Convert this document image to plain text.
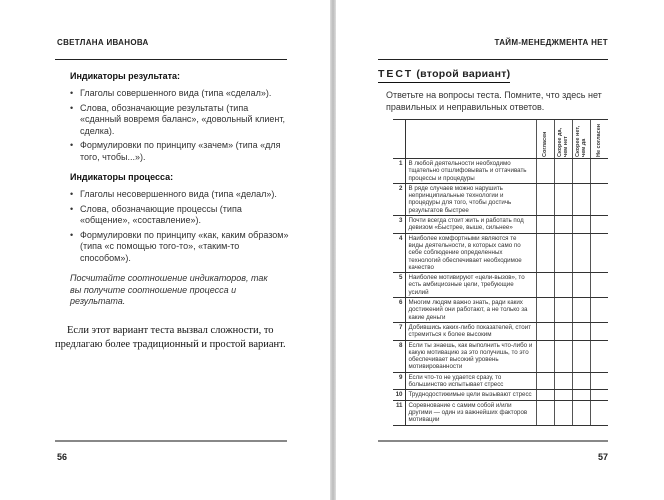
СВЕТЛАНА ИВАНОВА
Индикаторы результата:
• Глаголы совершенного вида (типа «сделал»).
• Слова, обозначающие результаты (типа «сданный вовремя баланс», «довольный клиент, сделка).
• Формулировки по принципу «зачем» (типа «для того, чтобы...»).
Индикаторы процесса:
• Глаголы несовершенного вида (типа «делал»).
• Слова, обозначающие процессы (типа «общение», «составление»).
• Формулировки по принципу «как, каким образом» (типа «с помощью того-то», «таким-то способом»).
Посчитайте соотношение индикаторов, так вы получите соотношение процесса и результата.
Если этот вариант теста вызвал сложности, то предлагаю более традиционный и простой вариант.
56
ТАЙМ-МЕНЕДЖМЕНТА НЕТ
ТЕСТ (второй вариант)
Ответьте на вопросы теста. Помните, что здесь нет правильных и неправильных ответов.

		Согласен	Скорее да, чем нет	Скорее нет, чем да	Не согласен

1	В любой деятельности необходимо тщательно отшлифовывать и оттачивать процессы и процедуры				
2	В ряде случаев можно нарушить непринципиальные технологии и процедуры для того, чтобы достичь результатов быстрее				
3	Почти всегда стоит жить и работать под девизом «Быстрее, выше, сильнее»				
4	Наиболее комфортными являются те виды деятельности, в которых само по себе соблюдение определенных технологий обеспечивает необходимое качество				
5	Наиболее мотивируют «цели-вызов», то есть амбициозные цели, требующие усилий				
6	Многим людям важно знать, ради каких достижений они работают, а не только за какие деньги				
7	Добившись каких-либо показателей, стоит стремиться к более высоким				
8	Если ты знаешь, как выполнить что-либо и какую мотивацию за это получишь, то это обеспечивает высокий уровень мотивированности				
9	Если что-то не удается сразу, то большинство испытывает стресс				
10	Труднодостижимые цели вызывают стресс				
11	Соревнование с самим собой и/или другими — один из важнейших факторов мотивации				
57
